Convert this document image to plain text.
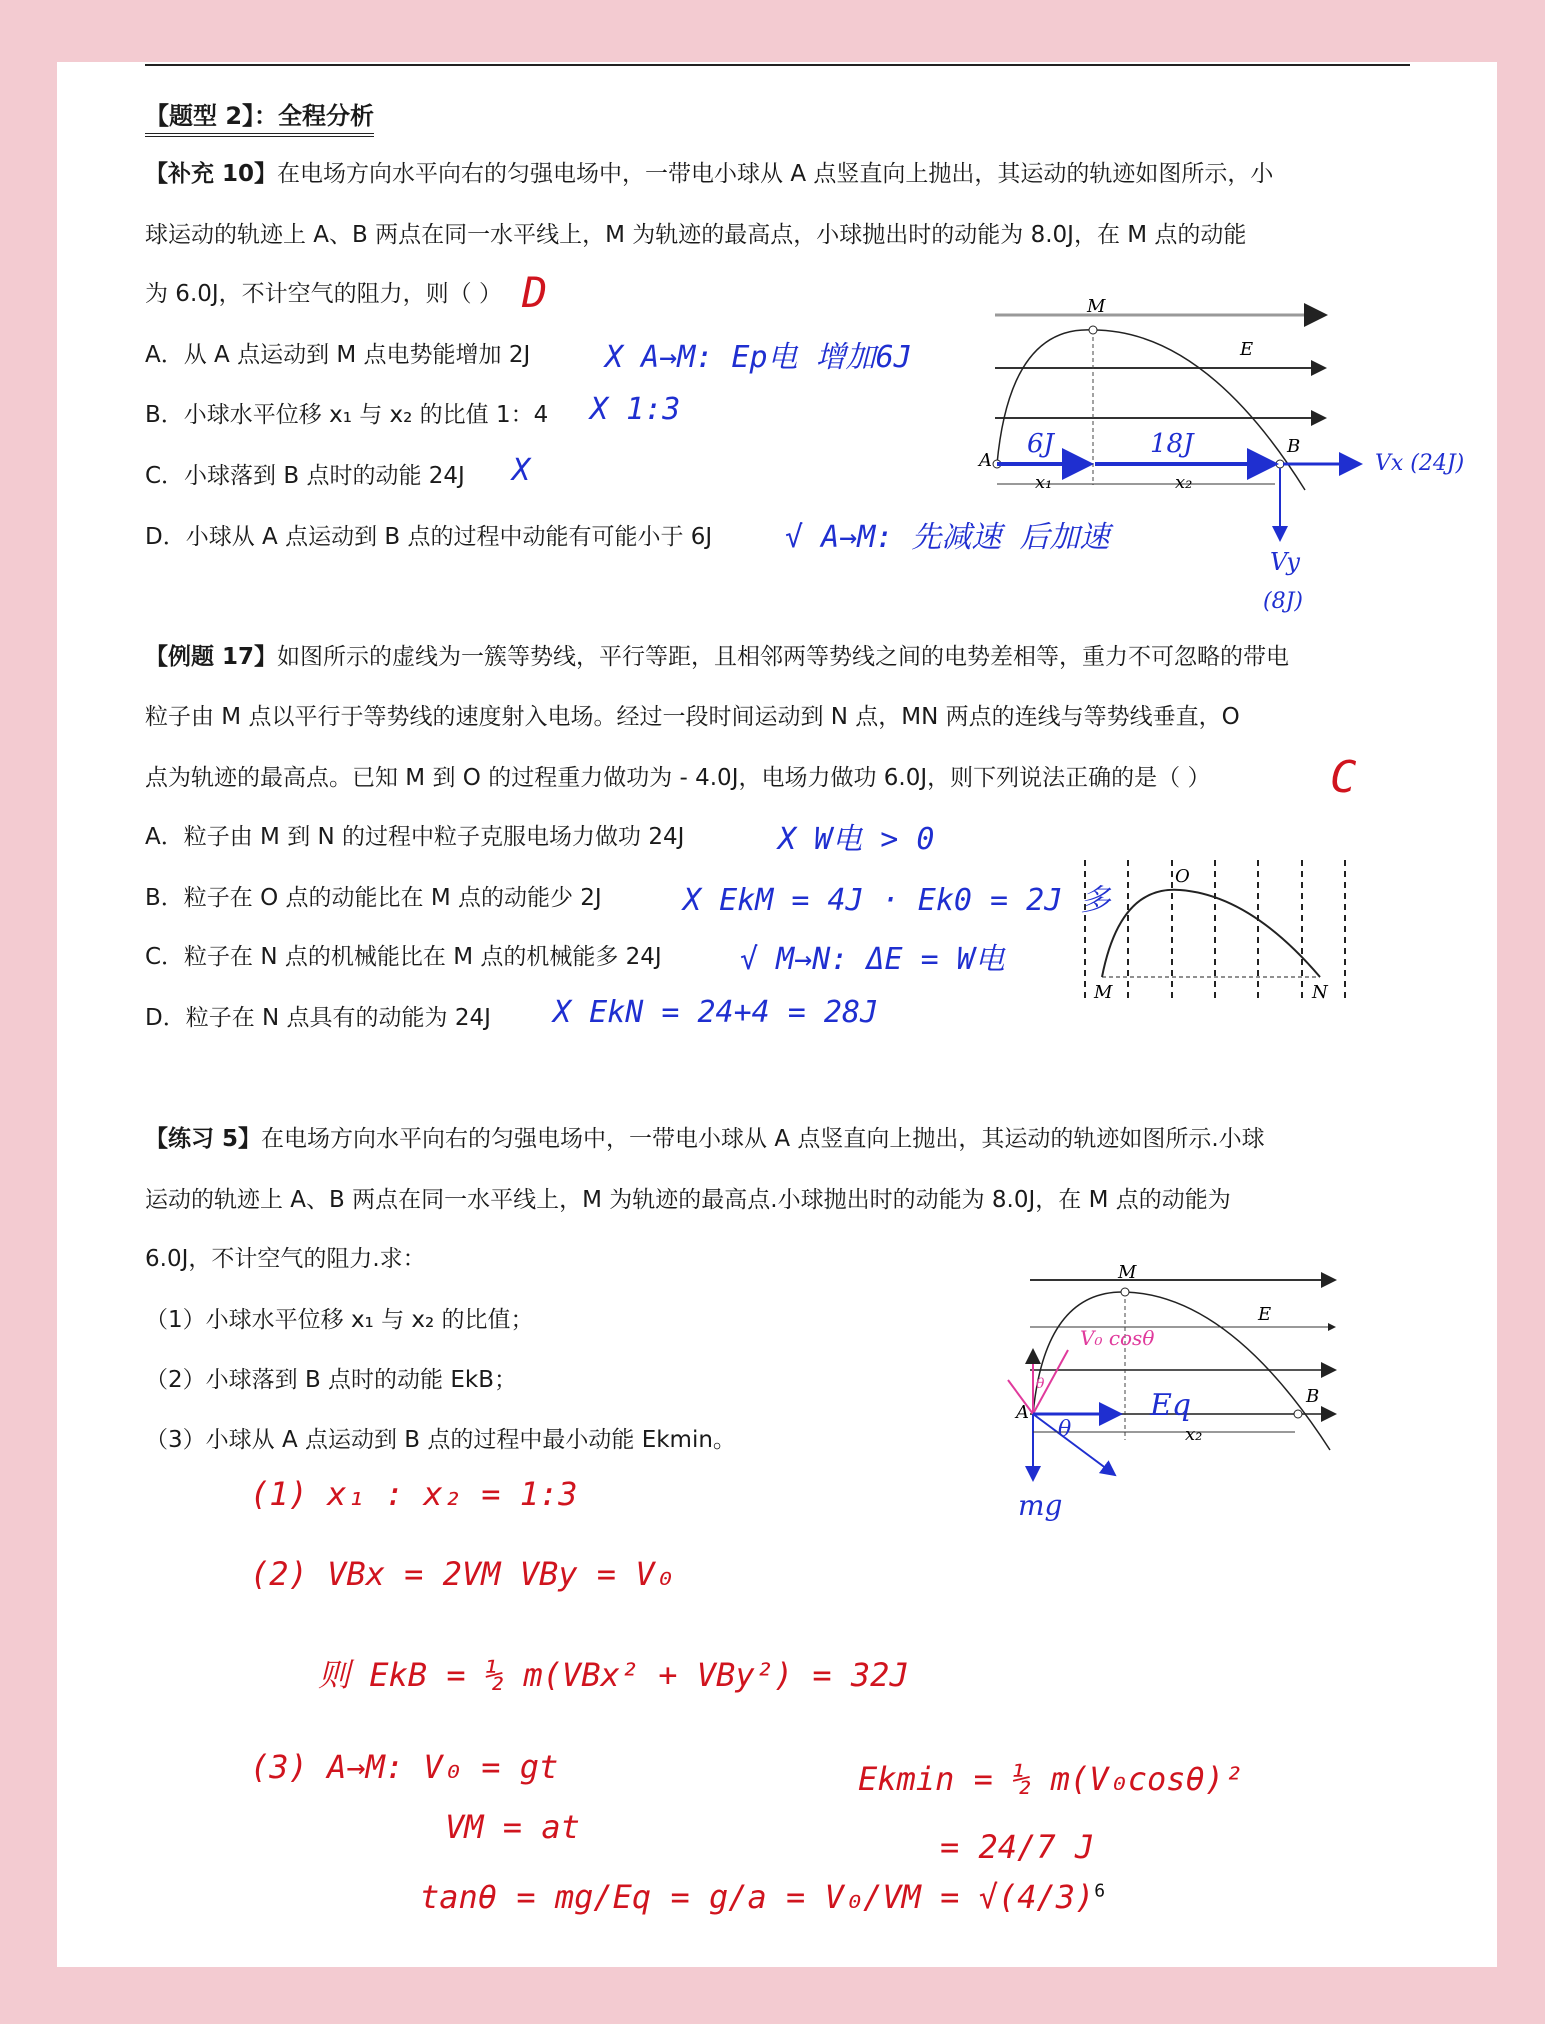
【题型 2】：全程分析
【补充 10】在电场方向水平向右的匀强电场中，一带电小球从 A 点竖直向上抛出，其运动的轨迹如图所示，小
球运动的轨迹上 A、B 两点在同一水平线上，M 为轨迹的最高点，小球抛出时的动能为 8.0J，在 M 点的动能
为 6.0J，不计空气的阻力，则（ ） D
A．从 A 点运动到 M 点电势能增加 2J X A→M: Ep电 增加6J
B．小球水平位移 x₁ 与 x₂ 的比值 1：4 X 1:3
C．小球落到 B 点时的动能 24J X
D．小球从 A 点运动到 B 点的过程中动能有可能小于 6J √ A→M: 先减速 后加速
M
E
A
B
x₁	x₂
6J	18J
Vx (24J)
Vy
(8J)
【例题 17】如图所示的虚线为一簇等势线，平行等距，且相邻两等势线之间的电势差相等，重力不可忽略的带电
粒子由 M 点以平行于等势线的速度射入电场。经过一段时间运动到 N 点，MN 两点的连线与等势线垂直，O
点为轨迹的最高点。已知 M 到 O 的过程重力做功为 - 4.0J，电场力做功 6.0J，则下列说法正确的是（ ）	C
A．粒子由 M 到 N 的过程中粒子克服电场力做功 24J	X W电 > 0
B．粒子在 O 点的动能比在 M 点的动能少 2J	X EkM = 4J · Ek0 = 2J 多
C．粒子在 N 点的机械能比在 M 点的机械能多 24J	√ M→N: ΔE = W电
D．粒子在 N 点具有的动能为 24J X EkN = 24+4 = 28J
O
M	N
【练习 5】在电场方向水平向右的匀强电场中，一带电小球从 A 点竖直向上抛出，其运动的轨迹如图所示.小球
运动的轨迹上 A、B 两点在同一水平线上，M 为轨迹的最高点.小球抛出时的动能为 8.0J，在 M 点的动能为
6.0J，不计空气的阻力.求：
（1）小球水平位移 x₁ 与 x₂ 的比值；
（2）小球落到 B 点时的动能 EkB；
（3）小球从 A 点运动到 B 点的过程中最小动能 Ekmin。
M
E
A
B
x₂
V₀ cosθ
θ
θ
Eq
mg
(1) x₁ : x₂ = 1:3
(2) VBx = 2VM VBy = V₀
则 EkB = ½ m(VBx² + VBy²) = 32J
(3) A→M: V₀ = gt
VM = at
$\tan\theta = mg/Eq = g/a = V_0/VM = √(4/3)^6$
Ekmin = ½ m(V₀cosθ)²
= 24/7 J
